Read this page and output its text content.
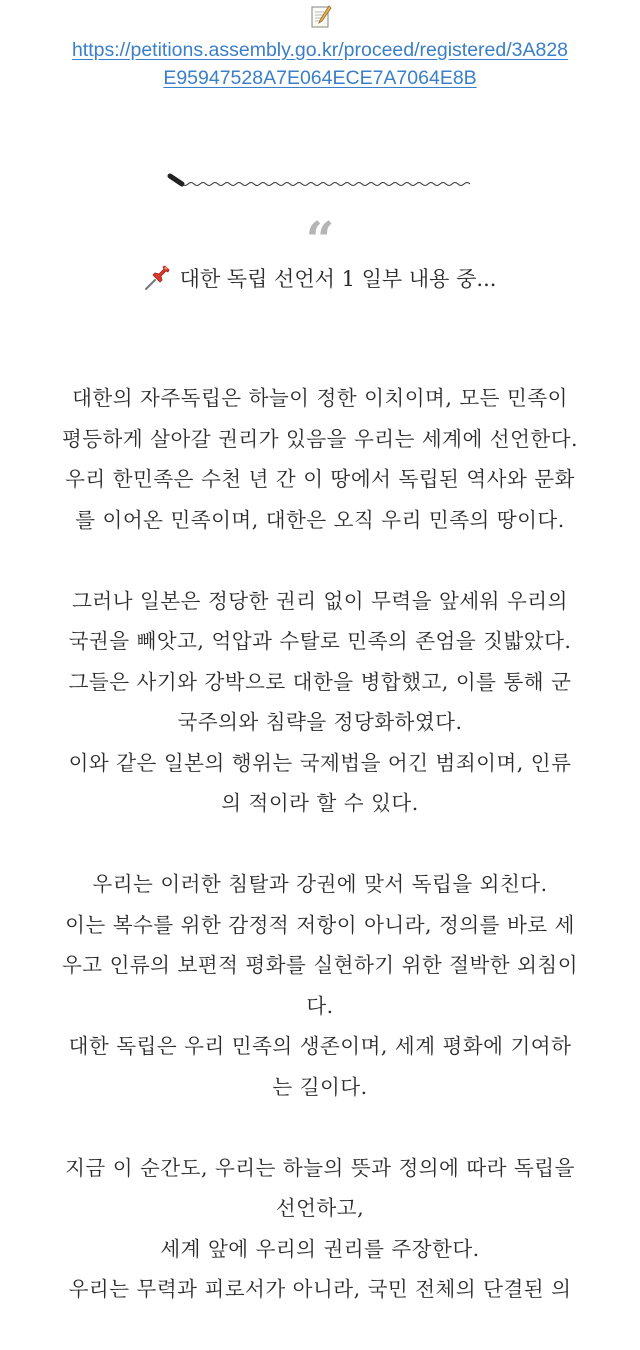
https://petitions.assembly.go.kr/proceed/registered/3A828
E95947528A7E064ECE7A7064E8B
“
대한 독립 선언서 1 일부 내용 중...

대한의 자주독립은 하늘이 정한 이치이며, 모든 민족이
평등하게 살아갈 권리가 있음을 우리는 세계에 선언한다.
우리 한민족은 수천 년 간 이 땅에서 독립된 역사와 문화
를 이어온 민족이며, 대한은 오직 우리 민족의 땅이다.

그러나 일본은 정당한 권리 없이 무력을 앞세워 우리의
국권을 빼앗고, 억압과 수탈로 민족의 존엄을 짓밟았다.
그들은 사기와 강박으로 대한을 병합했고, 이를 통해 군
국주의와 침략을 정당화하였다.
이와 같은 일본의 행위는 국제법을 어긴 범죄이며, 인류
의 적이라 할 수 있다.

우리는 이러한 침탈과 강권에 맞서 독립을 외친다.
이는 복수를 위한 감정적 저항이 아니라, 정의를 바로 세
우고 인류의 보편적 평화를 실현하기 위한 절박한 외침이
다.
대한 독립은 우리 민족의 생존이며, 세계 평화에 기여하
는 길이다.

지금 이 순간도, 우리는 하늘의 뜻과 정의에 따라 독립을
선언하고,
세계 앞에 우리의 권리를 주장한다.
우리는 무력과 피로서가 아니라, 국민 전체의 단결된 의
